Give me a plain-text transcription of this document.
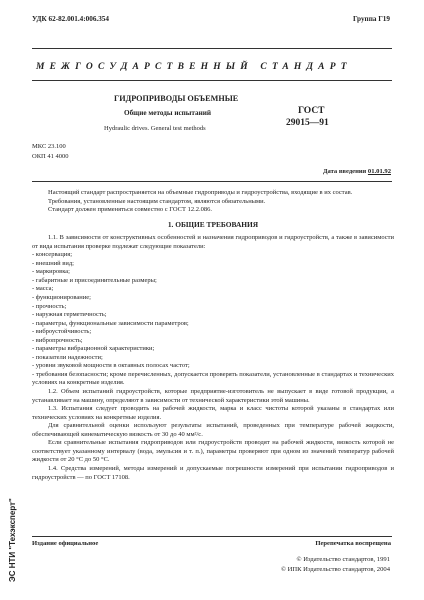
УДК 62-82.001.4:006.354	Группа Г19
МЕЖГОСУДАРСТВЕННЫЙ СТАНДАРТ
ГИДРОПРИВОДЫ ОБЪЕМНЫЕ
Общие методы испытаний
Hydraulic drives. General test methods
ГОСТ
29015—91
МКС 23.100
ОКП 41 4000
Дата введения 01.01.92

Настоящий стандарт распространяется на объемные гидроприводы и гидроустройства, входящие в их состав.

Требования, установленные настоящим стандартом, являются обязательными.

Стандарт должен применяться совместно с ГОСТ 12.2.086.

1. ОБЩИЕ ТРЕБОВАНИЯ

1.1. В зависимости от конструктивных особенностей и назначения гидроприводов и гидроустройств, а также в зависимости от вида испытания проверке подлежат следующие показатели:

- консервация;

- внешний вид;

- маркировка;

- габаритные и присоединительные размеры;

- масса;

- функционирование;

- прочность;

- наружная герметичность;

- параметры, функциональные зависимости параметров;

- виброустойчивость;

- вибропрочность;

- параметры вибрационной характеристики;

- показатели надежности;

- уровни звуковой мощности в октавных полосах частот;

- требования безопасности; кроме перечисленных, допускается проверять показатели, установленные в стандартах и технических условиях на конкретные изделия.

1.2. Объем испытаний гидроустройств, которые предприятие-изготовитель не выпускает в виде готовой продукции, а устанавливает на машину, определяют в зависимости от технической характеристики этой машины.

1.3. Испытания следует проводить на рабочей жидкости, марка и класс чистоты которой указаны в стандартах или технических условиях на конкретные изделия.

Для сравнительной оценки используют результаты испытаний, проведенных при температуре рабочей жидкости, обеспечивающей кинематическую вязкость от 30 до 40 мм²/с.

Если сравнительные испытания гидроприводов или гидроустройств проводят на рабочей жидкости, вязкость которой не соответствует указанному интервалу (вода, эмульсия и т. п.), параметры проверяют при одном из значений температур рабочей жидкости от 20 °С до 50 °С.

1.4. Средства измерений, методы измерений и допускаемые погрешности измерений при испытании гидроприводов и гидроустройств — по ГОСТ 17108.

Издание официальное	Перепечатка воспрещена
© Издательство стандартов, 1991
© ИПК Издательство стандартов, 2004
ЭС НТИ "Техэксперт"
